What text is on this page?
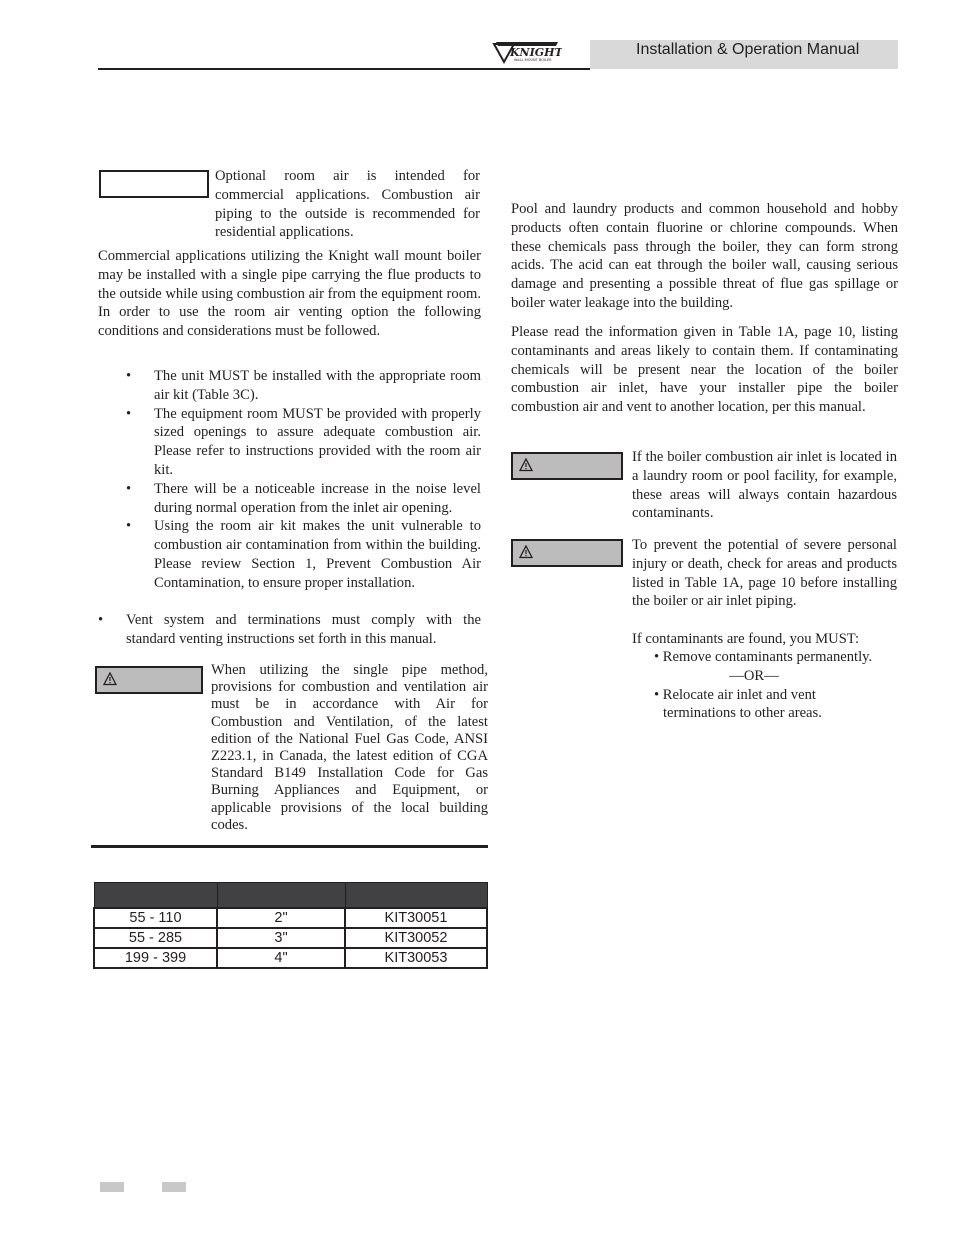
KNIGHT
WALL MOUNT BOILER
Installation & Operation Manual
Optional room air is intended for commercial applications. Combustion air piping to the outside is recommended for residential applications.
Commercial applications utilizing the Knight wall mount boiler may be installed with a single pipe carrying the flue products to the outside while using combustion air from the equipment room. In order to use the room air venting option the following conditions and considerations must be followed.
• The unit MUST be installed with the appropriate room air kit (Table 3C).
• The equipment room MUST be provided with properly sized openings to assure adequate combustion air. Please refer to instructions provided with the room air kit.
• There will be a noticeable increase in the noise level during normal operation from the inlet air opening.
• Using the room air kit makes the unit vulnerable to combustion air contamination from within the building. Please review Section 1, Prevent Combustion Air Contamination, to ensure proper installation.
• Vent system and terminations must comply with the standard venting instructions set forth in this manual.
When utilizing the single pipe method, provisions for combustion and ventilation air must be in accordance with Air for Combustion and Ventilation, of the latest edition of the National Fuel Gas Code, ANSI Z223.1, in Canada, the latest edition of CGA Standard B149 Installation Code for Gas Burning Appliances and Equipment, or applicable provisions of the local building codes.

55 - 110	2"	KIT30051
55 - 285	3"	KIT30052
199 - 399	4"	KIT30053
Pool and laundry products and common household and hobby products often contain fluorine or chlorine compounds. When these chemicals pass through the boiler, they can form strong acids. The acid can eat through the boiler wall, causing serious damage and presenting a possible threat of flue gas spillage or boiler water leakage into the building.
Please read the information given in Table 1A, page 10, listing contaminants and areas likely to contain them. If contaminating chemicals will be present near the location of the boiler combustion air inlet, have your installer pipe the boiler combustion air and vent to another location, per this manual.
If the boiler combustion air inlet is located in a laundry room or pool facility, for example, these areas will always contain hazardous contaminants.
To prevent the potential of severe personal injury or death, check for areas and products listed in Table 1A, page 10 before installing the boiler or air inlet piping.
If contaminants are found, you MUST:
• Remove contaminants permanently.
—OR—
• Relocate air inlet and vent
terminations to other areas.
